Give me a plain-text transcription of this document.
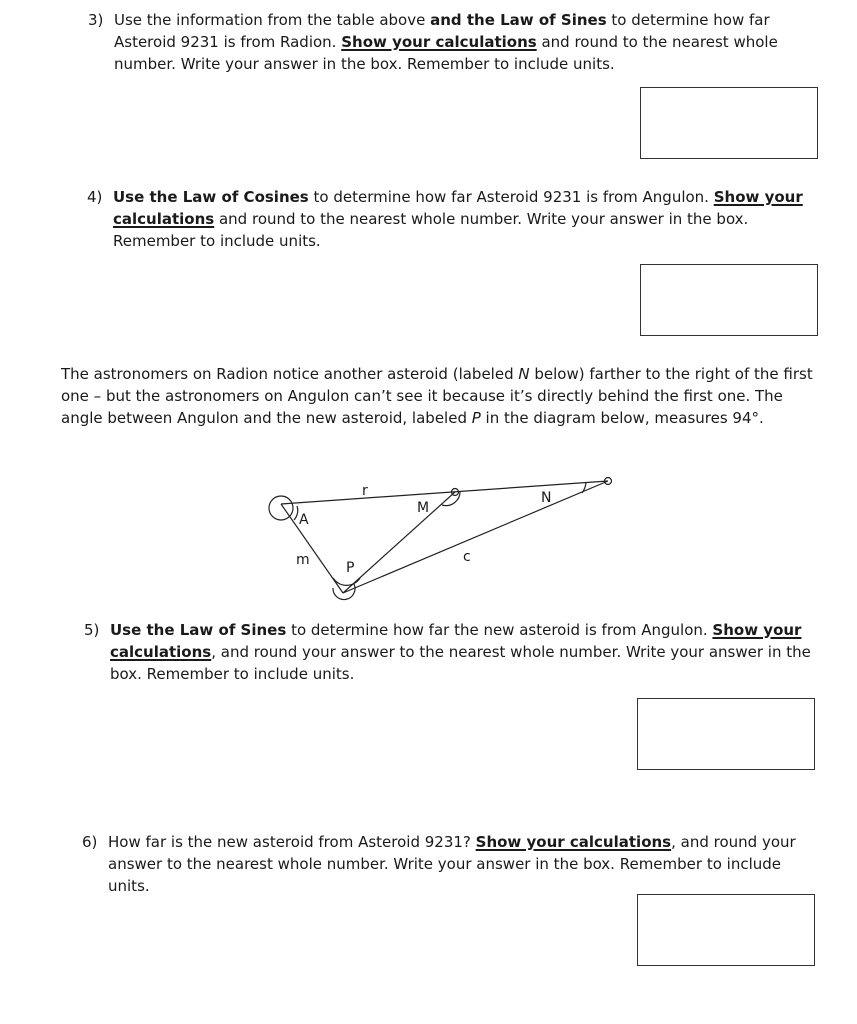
3) Use the information from the table above and the Law of Sines to determine how far
Asteroid 9231 is from Radion. Show your calculations and round to the nearest whole
number. Write your answer in the box. Remember to include units.
4) Use the Law of Cosines to determine how far Asteroid 9231 is from Angulon. Show your
calculations and round to the nearest whole number. Write your answer in the box.
Remember to include units.
The astronomers on Radion notice another asteroid (labeled N below) farther to the right of the first
one – but the astronomers on Angulon can’t see it because it’s directly behind the first one. The
angle between Angulon and the new asteroid, labeled P in the diagram below, measures 94°.
r
A
M
N
m	P
c
5) Use the Law of Sines to determine how far the new asteroid is from Angulon. Show your
calculations, and round your answer to the nearest whole number. Write your answer in the
box. Remember to include units.
6) How far is the new asteroid from Asteroid 9231? Show your calculations, and round your
answer to the nearest whole number. Write your answer in the box. Remember to include
units.
